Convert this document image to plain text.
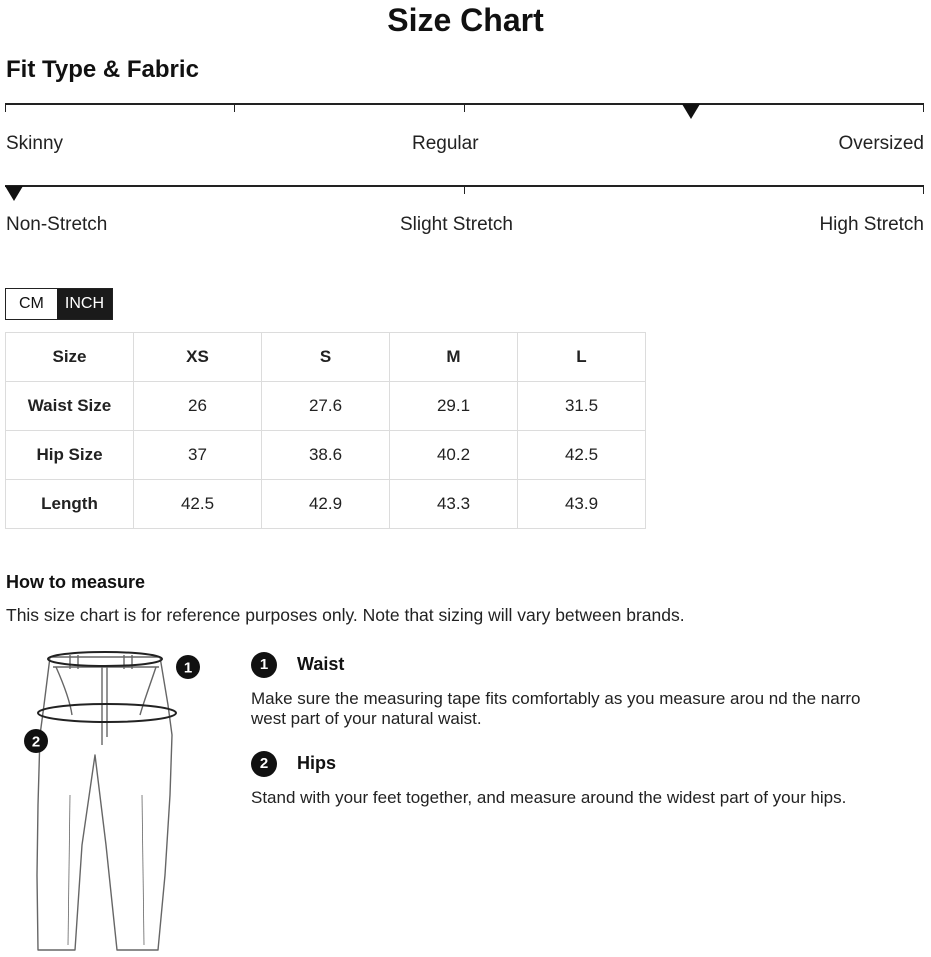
Size Chart
Fit Type & Fabric
Skinny	Regular	Oversized
Non-Stretch	Slight Stretch	High Stretch
CM	INCH
Size	XS	S	M	L
Waist Size	26	27.6	29.1	31.5
Hip Size	37	38.6	40.2	42.5
Length	42.5	42.9	43.3	43.9
How to measure
This size chart is for reference purposes only. Note that sizing will vary between brands.
1
2
1	Waist
Make sure the measuring tape fits comfortably as you measure arou nd the narrowest part of your natural waist.
2	Hips
Stand with your feet together, and measure around the widest part of your hips.
